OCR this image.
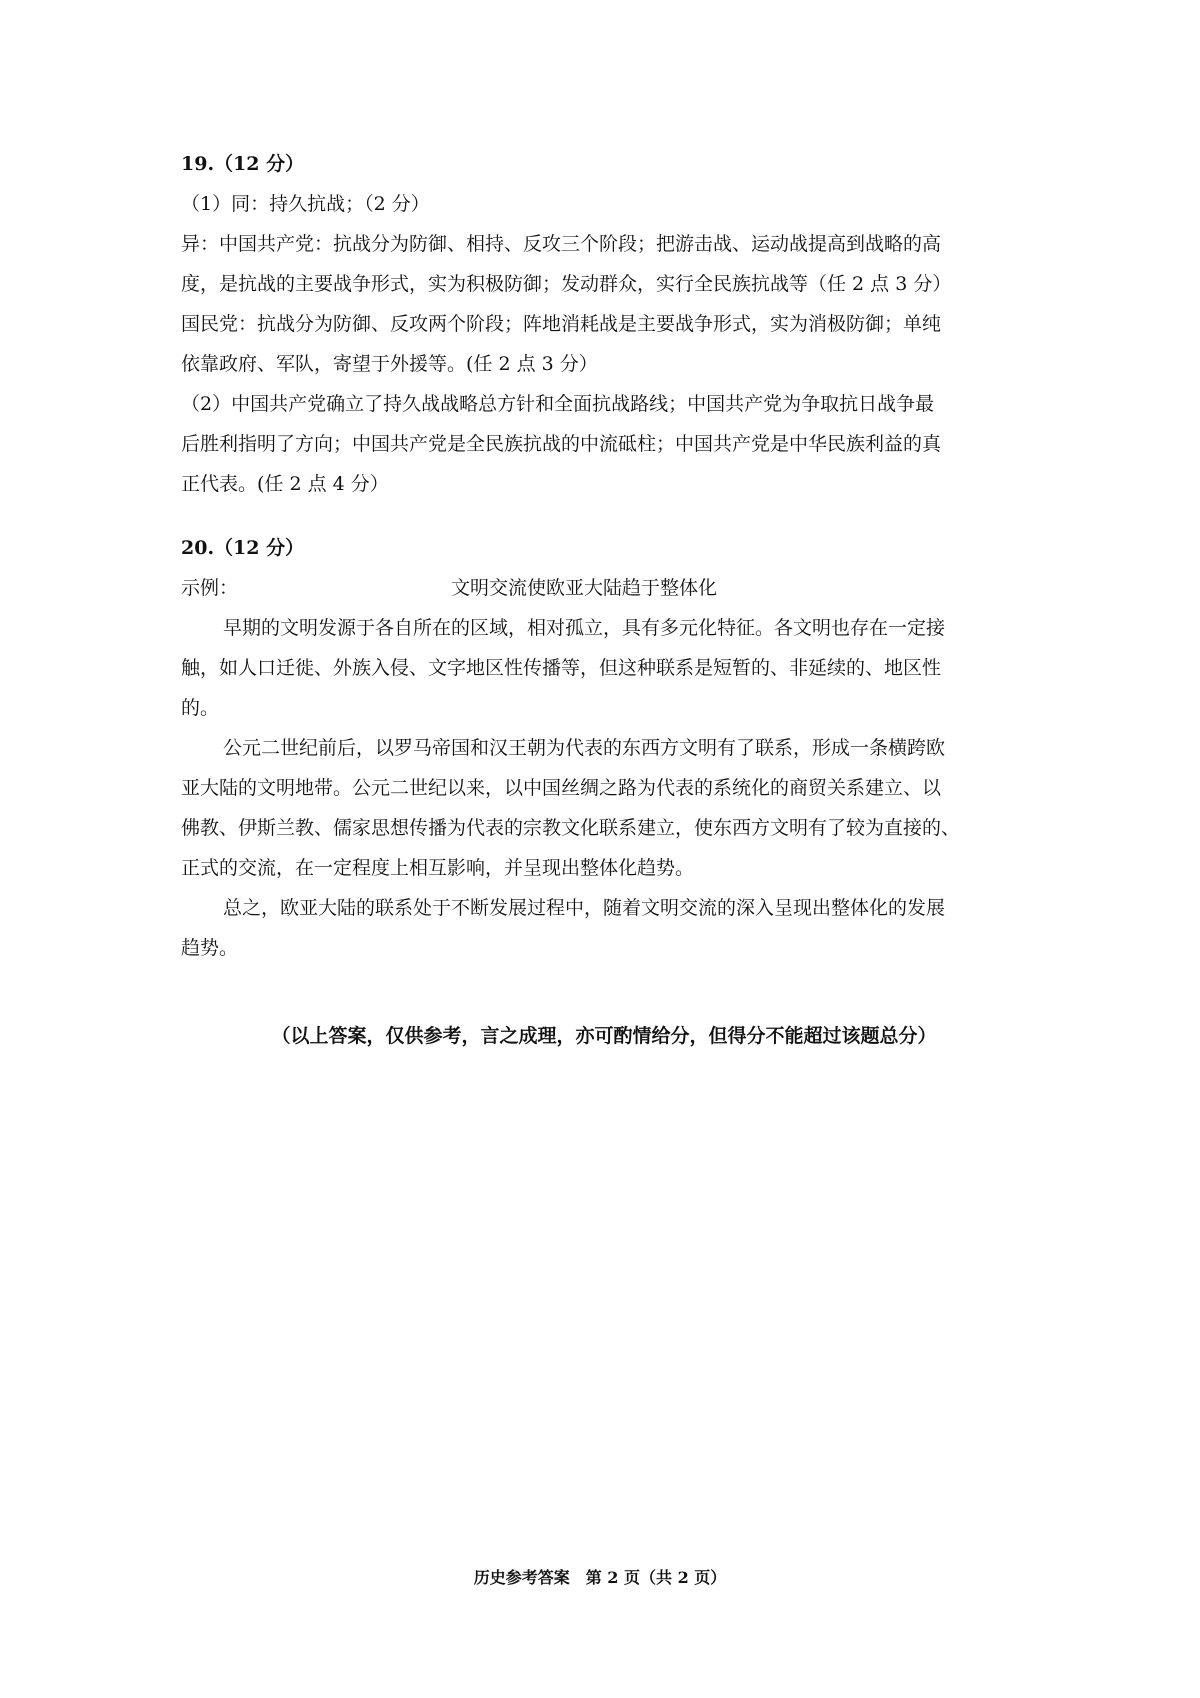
19.（12 分）
（1）同：持久抗战；（2 分）
异：中国共产党：抗战分为防御、相持、反攻三个阶段；把游击战、运动战提高到战略的高
度，是抗战的主要战争形式，实为积极防御；发动群众，实行全民族抗战等（任 2 点 3 分）
国民党：抗战分为防御、反攻两个阶段；阵地消耗战是主要战争形式，实为消极防御；单纯
依靠政府、军队，寄望于外援等。(任 2 点 3 分）
（2）中国共产党确立了持久战战略总方针和全面抗战路线；中国共产党为争取抗日战争最
后胜利指明了方向；中国共产党是全民族抗战的中流砥柱；中国共产党是中华民族利益的真
正代表。(任 2 点 4 分）
20.（12 分）
示例：	文明交流使欧亚大陆趋于整体化
早期的文明发源于各自所在的区域，相对孤立，具有多元化特征。各文明也存在一定接
触，如人口迁徙、外族入侵、文字地区性传播等，但这种联系是短暂的、非延续的、地区性
的。
公元二世纪前后，以罗马帝国和汉王朝为代表的东西方文明有了联系，形成一条横跨欧
亚大陆的文明地带。公元二世纪以来，以中国丝绸之路为代表的系统化的商贸关系建立、以
佛教、伊斯兰教、儒家思想传播为代表的宗教文化联系建立，使东西方文明有了较为直接的、
正式的交流，在一定程度上相互影响，并呈现出整体化趋势。
总之，欧亚大陆的联系处于不断发展过程中，随着文明交流的深入呈现出整体化的发展
趋势。
（以上答案，仅供参考，言之成理，亦可酌情给分，但得分不能超过该题总分）
历史参考答案　第 2 页（共 2 页）
